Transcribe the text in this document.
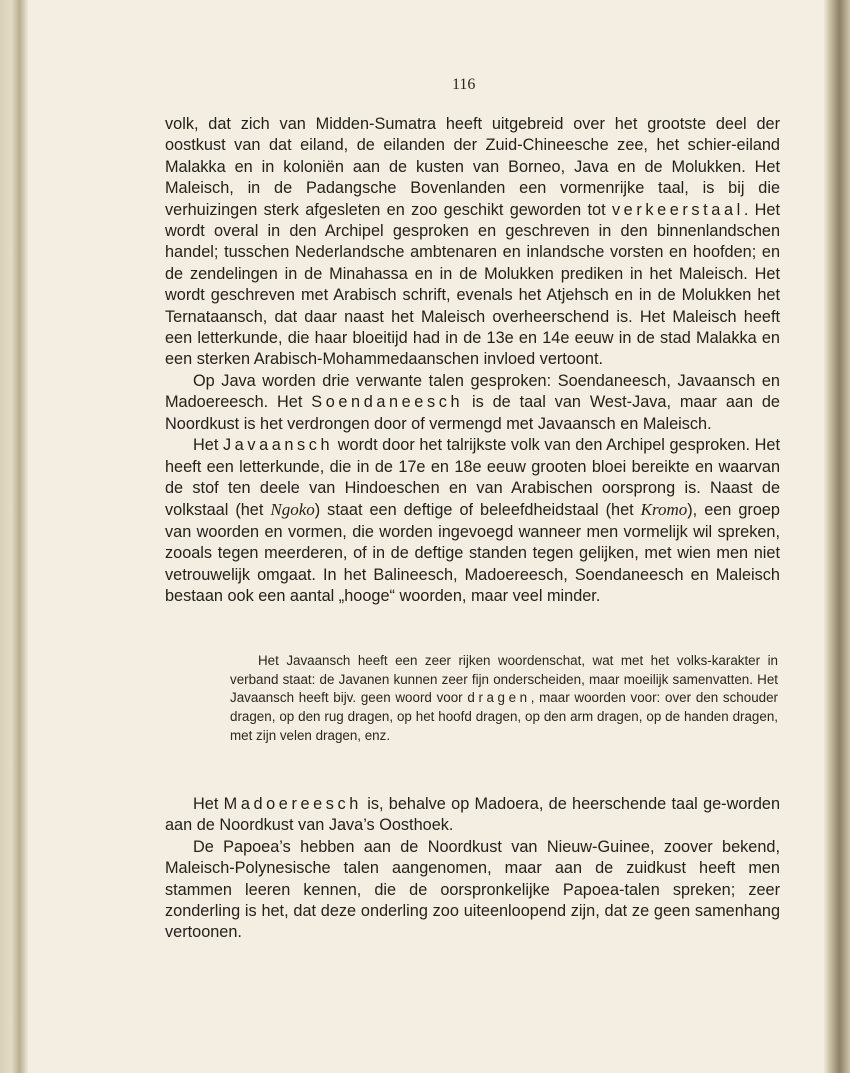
116

volk, dat zich van Midden-Sumatra heeft uitgebreid over het grootste deel der oostkust van dat eiland, de eilanden der Zuid-Chineesche zee, het schier-eiland Malakka en in koloniën aan de kusten van Borneo, Java en de Molukken. Het Maleisch, in de Padangsche Bovenlanden een vormenrijke taal, is bij die verhuizingen sterk afgesleten en zoo geschikt geworden tot verkeerstaal. Het wordt overal in den Archipel gesproken en geschreven in den binnenlandschen handel; tusschen Nederlandsche ambtenaren en inlandsche vorsten en hoofden; en de zendelingen in de Minahassa en in de Molukken prediken in het Maleisch. Het wordt geschreven met Arabisch schrift, evenals het Atjehsch en in de Molukken het Ternataansch, dat daar naast het Maleisch overheerschend is. Het Maleisch heeft een letterkunde, die haar bloeitijd had in de 13e en 14e eeuw in de stad Malakka en een sterken Arabisch-Mohammedaanschen invloed vertoont.

Op Java worden drie verwante talen gesproken: Soendaneesch, Javaansch en Madoereesch. Het Soendaneesch is de taal van West-Java, maar aan de Noordkust is het verdrongen door of vermengd met Javaansch en Maleisch.

Het Javaansch wordt door het talrijkste volk van den Archipel gesproken. Het heeft een letterkunde, die in de 17e en 18e eeuw grooten bloei bereikte en waarvan de stof ten deele van Hindoeschen en van Arabischen oorsprong is. Naast de volkstaal (het Ngoko) staat een deftige of beleefdheidstaal (het Kromo), een groep van woorden en vormen, die worden ingevoegd wanneer men vormelijk wil spreken, zooals tegen meerderen, of in de deftige standen tegen gelijken, met wien men niet vetrouwelijk omgaat. In het Balineesch, Madoereesch, Soendaneesch en Maleisch bestaan ook een aantal „hooge“ woorden, maar veel minder.

Het Javaansch heeft een zeer rijken woordenschat, wat met het volks-karakter in verband staat: de Javanen kunnen zeer fijn onderscheiden, maar moeilijk samenvatten. Het Javaansch heeft bijv. geen woord voor dragen, maar woorden voor: over den schouder dragen, op den rug dragen, op het hoofd dragen, op den arm dragen, op de handen dragen, met zijn velen dragen, enz.

Het Madoereesch is, behalve op Madoera, de heerschende taal ge-worden aan de Noordkust van Java’s Oosthoek.

De Papoea’s hebben aan de Noordkust van Nieuw-Guinee, zoover bekend, Maleisch-Polynesische talen aangenomen, maar aan de zuidkust heeft men stammen leeren kennen, die de oorspronkelijke Papoea-talen spreken; zeer zonderling is het, dat deze onderling zoo uiteenloopend zijn, dat ze geen samenhang vertoonen.
